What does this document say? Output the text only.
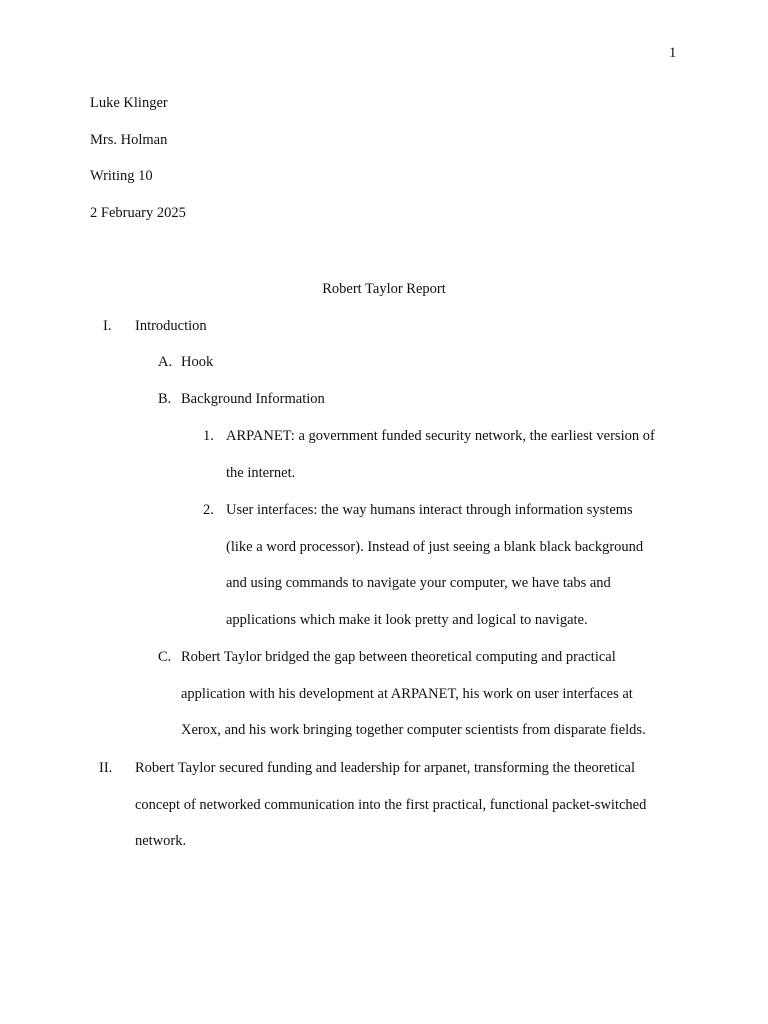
1
Luke Klinger
Mrs. Holman
Writing 10
2 February 2025
Robert Taylor Report
I. Introduction
A. Hook
B. Background Information
1. ARPANET: a government funded security network, the earliest version of
the internet.
2. User interfaces: the way humans interact through information systems
(like a word processor). Instead of just seeing a blank black background
and using commands to navigate your computer, we have tabs and
applications which make it look pretty and logical to navigate.
C. Robert Taylor bridged the gap between theoretical computing and practical
application with his development at ARPANET, his work on user interfaces at
Xerox, and his work bringing together computer scientists from disparate fields.
II. Robert Taylor secured funding and leadership for arpanet, transforming the theoretical
concept of networked communication into the first practical, functional packet-switched
network.
